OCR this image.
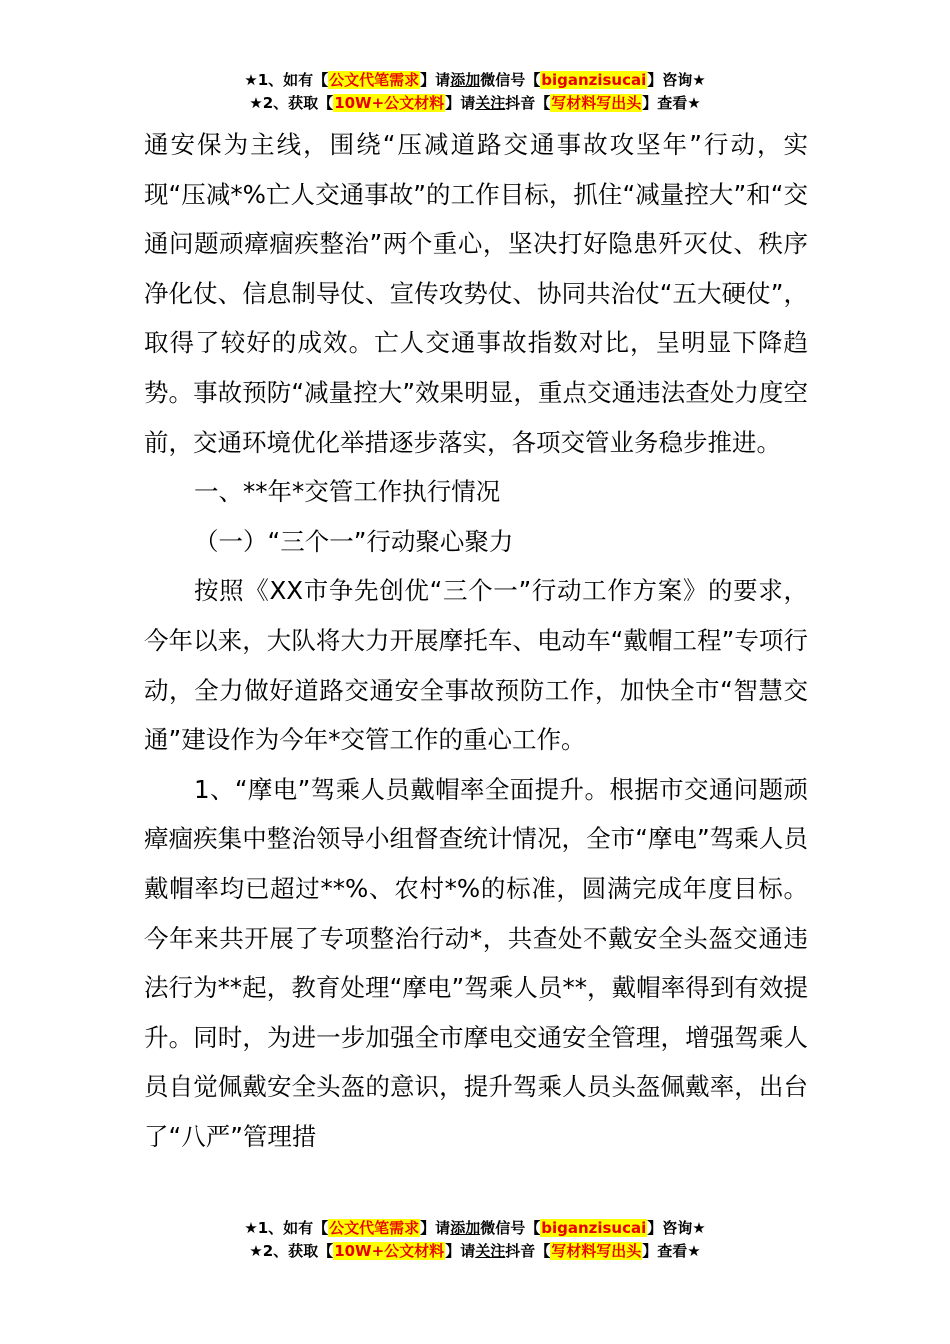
★1、如有【公文代笔需求】请添加微信号【biganzisucai】咨询★
★2、获取【10W+公文材料】请关注抖音【写材料写出头】查看★

通安保为主线，围绕“压减道路交通事故攻坚年”行动，实现“压减*%亡人交通事故”的工作目标，抓住“减量控大”和“交通问题顽瘴痼疾整治”两个重心，坚决打好隐患歼灭仗、秩序净化仗、信息制导仗、宣传攻势仗、协同共治仗“五大硬仗”，取得了较好的成效。亡人交通事故指数对比，呈明显下降趋势。事故预防“减量控大”效果明显，重点交通违法查处力度空前，交通环境优化举措逐步落实，各项交管业务稳步推进。

一、**年*交管工作执行情况

（一）“三个一”行动聚心聚力

按照《XX市争先创优“三个一”行动工作方案》的要求，今年以来，大队将大力开展摩托车、电动车“戴帽工程”专项行动，全力做好道路交通安全事故预防工作，加快全市“智慧交通”建设作为今年*交管工作的重心工作。

1、“摩电”驾乘人员戴帽率全面提升。根据市交通问题顽瘴痼疾集中整治领导小组督查统计情况，全市“摩电”驾乘人员戴帽率均已超过**%、农村*%的标准，圆满完成年度目标。今年来共开展了专项整治行动*，共查处不戴安全头盔交通违法行为**起，教育处理“摩电”驾乘人员**，戴帽率得到有效提升。同时，为进一步加强全市摩电交通安全管理，增强驾乘人员自觉佩戴安全头盔的意识，提升驾乘人员头盔佩戴率，出台了“八严”管理措

★1、如有【公文代笔需求】请添加微信号【biganzisucai】咨询★
★2、获取【10W+公文材料】请关注抖音【写材料写出头】查看★
